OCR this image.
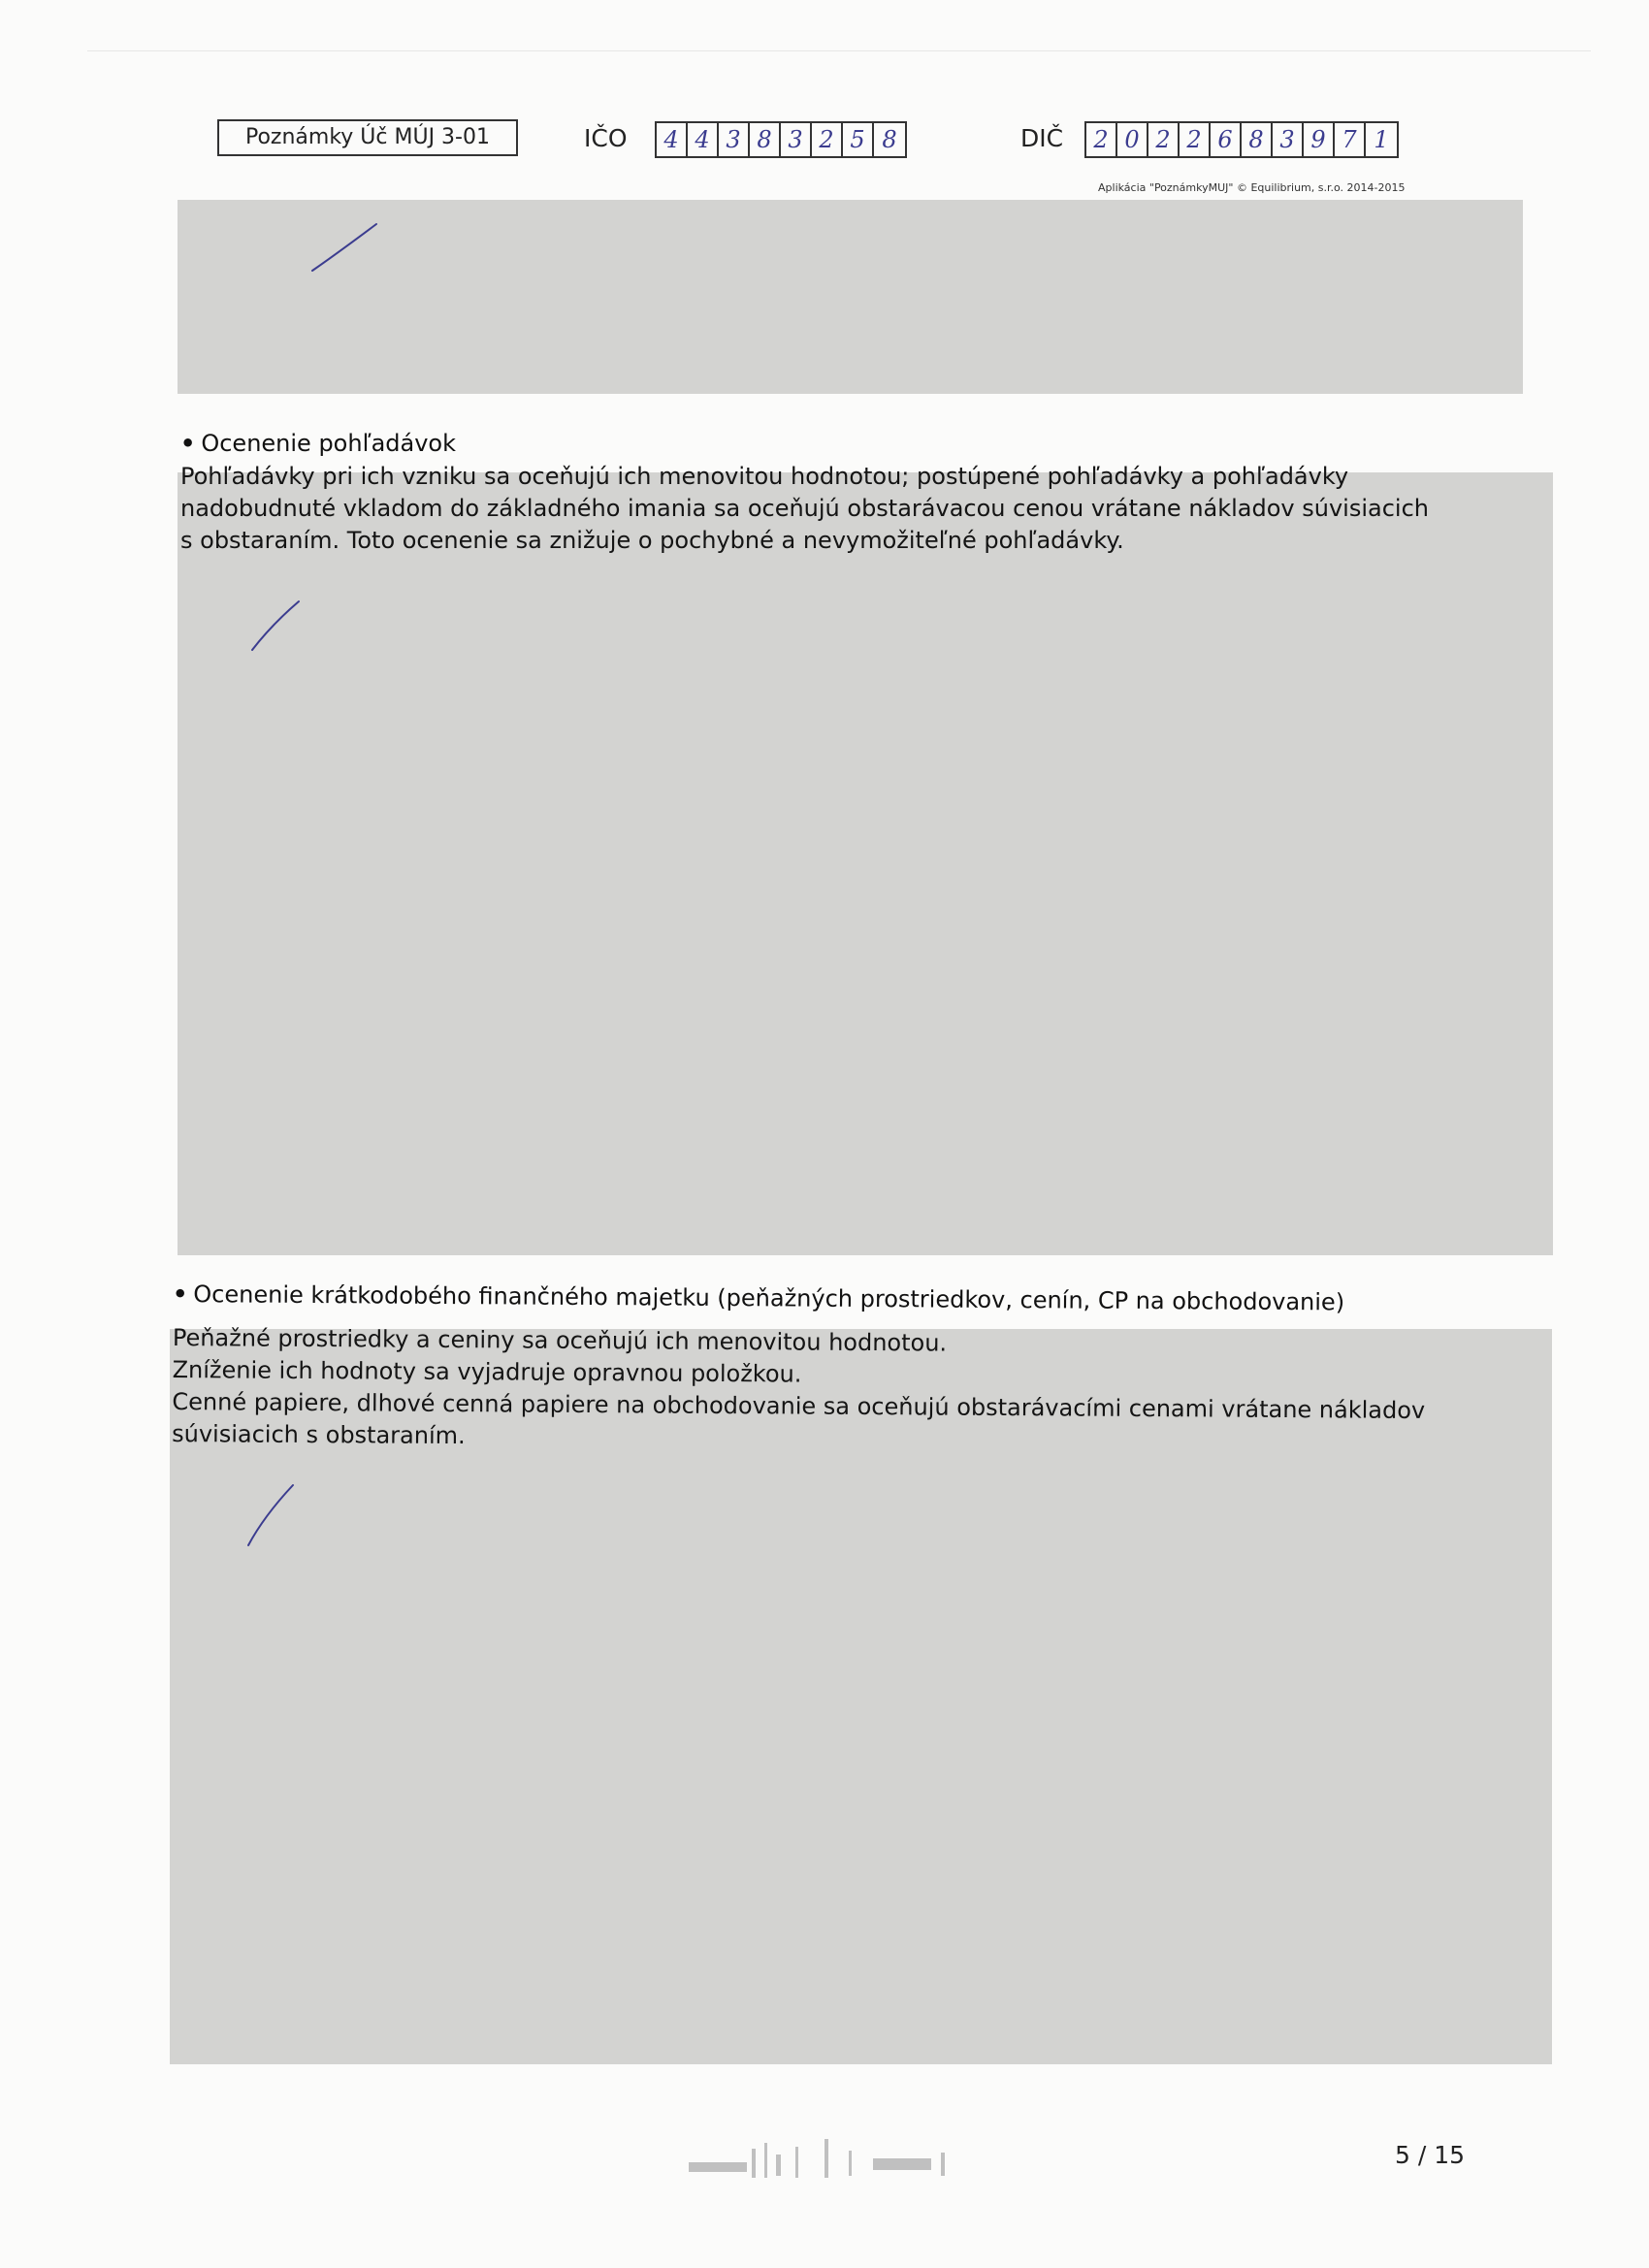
Poznámky Úč MÚJ 3-01	IČO	4 4 3 8 3 2 5 8	DIČ	2 0 2 2 6 8 3 9 7 1
Aplikácia "PoznámkyMUJ" © Equilibrium, s.r.o. 2014-2015
• Ocenenie pohľadávok
Pohľadávky pri ich vzniku sa oceňujú ich menovitou hodnotou; postúpené pohľadávky a pohľadávky
nadobudnuté vkladom do základného imania sa oceňujú obstarávacou cenou vrátane nákladov súvisiacich
s obstaraním. Toto ocenenie sa znižuje o pochybné a nevymožiteľné pohľadávky.
• Ocenenie krátkodobého finančného majetku (peňažných prostriedkov, cenín, CP na obchodovanie)
Peňažné prostriedky a ceniny sa oceňujú ich menovitou hodnotou.
Zníženie ich hodnoty sa vyjadruje opravnou položkou.
Cenné papiere, dlhové cenná papiere na obchodovanie sa oceňujú obstarávacími cenami vrátane nákladov
súvisiacich s obstaraním.
5 / 15
